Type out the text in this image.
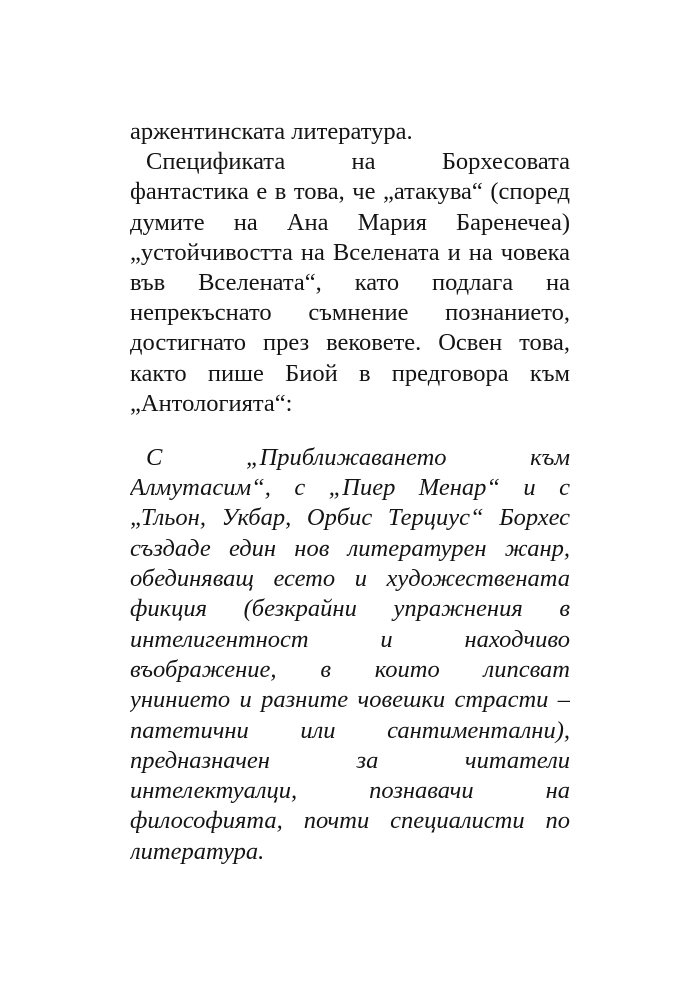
аржентинската литература.
Спецификата на Борхесовата
фантастика е в това, че „атакува“ (според
думите на Ана Мария Баренечеа)
„устойчивостта на Вселената и на човека
във Вселената“, като подлага на
непрекъснато съмнение познанието,
достигнато през вековете. Освен това,
както пише Биой в предговора към
„Антологията“:
С „Приближаването към
Алмутасим“, с „Пиер Менар“ и с
„Тльон, Укбар, Орбис Терциус“ Борхес
създаде един нов литературен жанр,
обединяващ есето и художествената
фикция (безкрайни упражнения в
интелигентност и находчиво
въображение, в които липсват
унинието и разните човешки страсти –
патетични или сантиментални),
предназначен за читатели
интелектуалци, познавачи на
философията, почти специалисти по
литература.
